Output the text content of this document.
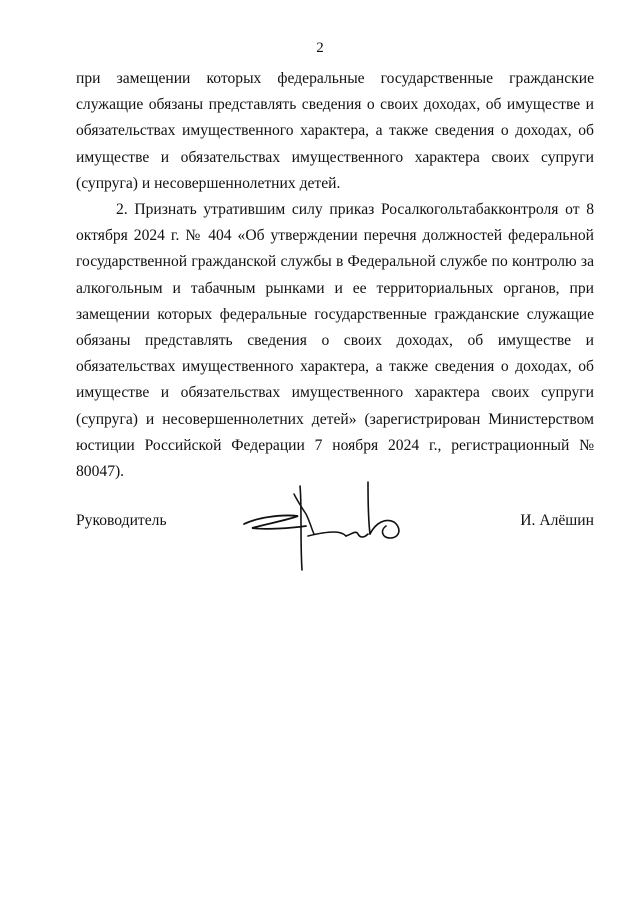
2

при замещении которых федеральные государственные гражданские служащие обязаны представлять сведения о своих доходах, об имуществе и обязательствах имущественного характера, а также сведения о доходах, об имуществе и обязательствах имущественного характера своих супруги (супруга) и несовершеннолетних детей.

2. Признать утратившим силу приказ Росалкогольтабакконтроля от 8 октября 2024 г. № 404 «Об утверждении перечня должностей федеральной государственной гражданской службы в Федеральной службе по контролю за алкогольным и табачным рынками и ее территориальных органов, при замещении которых федеральные государственные гражданские служащие обязаны представлять сведения о своих доходах, об имуществе и обязательствах имущественного характера, а также сведения о доходах, об имуществе и обязательствах имущественного характера своих супруги (супруга) и несовершеннолетних детей» (зарегистрирован Министерством юстиции Российской Федерации 7 ноября 2024 г., регистрационный № 80047).

Руководитель	И. Алёшин
